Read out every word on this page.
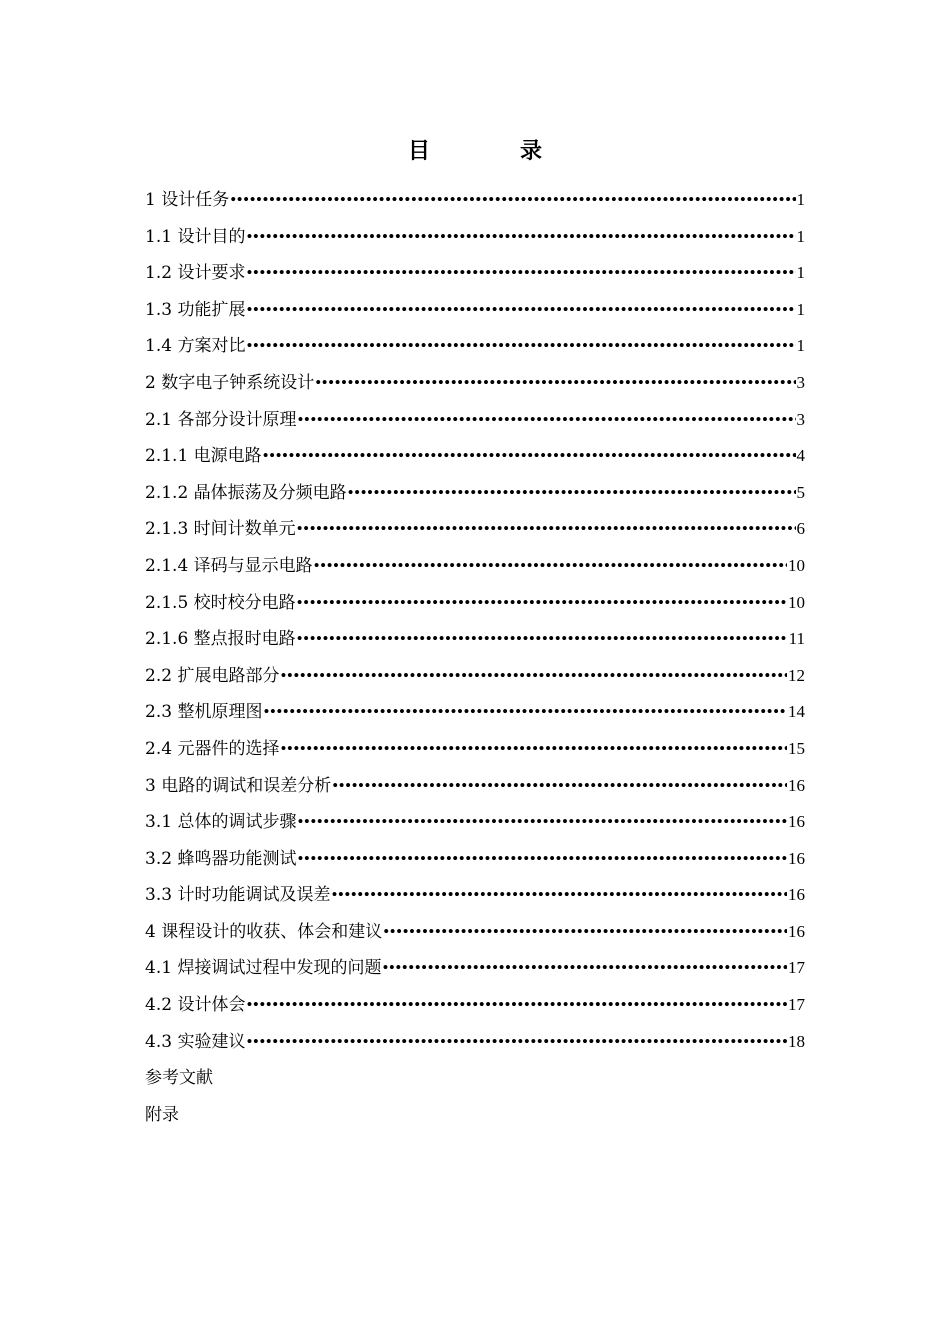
目　录
1 设计任务 •••••	1
1.1 设计目的 •••••	1
1.2 设计要求 •••••	1
1.3 功能扩展 •••••	1
1.4 方案对比 •••••	1
2 数字电子钟系统设计 •••••	3
2.1 各部分设计原理 •••••	3
2.1.1 电源电路 •••••	4
2.1.2 晶体振荡及分频电路 •••••	5
2.1.3 时间计数单元 •••••	6
2.1.4 译码与显示电路 •••••	10
2.1.5 校时校分电路 •••••	10
2.1.6 整点报时电路 •••••	11
2.2 扩展电路部分 •••••	12
2.3 整机原理图 •••••	14
2.4 元器件的选择 •••••	15
3 电路的调试和误差分析 •••••	16
3.1 总体的调试步骤 •••••	16
3.2 蜂鸣器功能测试 •••••	16
3.3 计时功能调试及误差 •••••	16
4 课程设计的收获、体会和建议 •••••	16
4.1 焊接调试过程中发现的问题 •••••	17
4.2 设计体会 •••••	17
4.3 实验建议 •••••	18
参考文献
附录
